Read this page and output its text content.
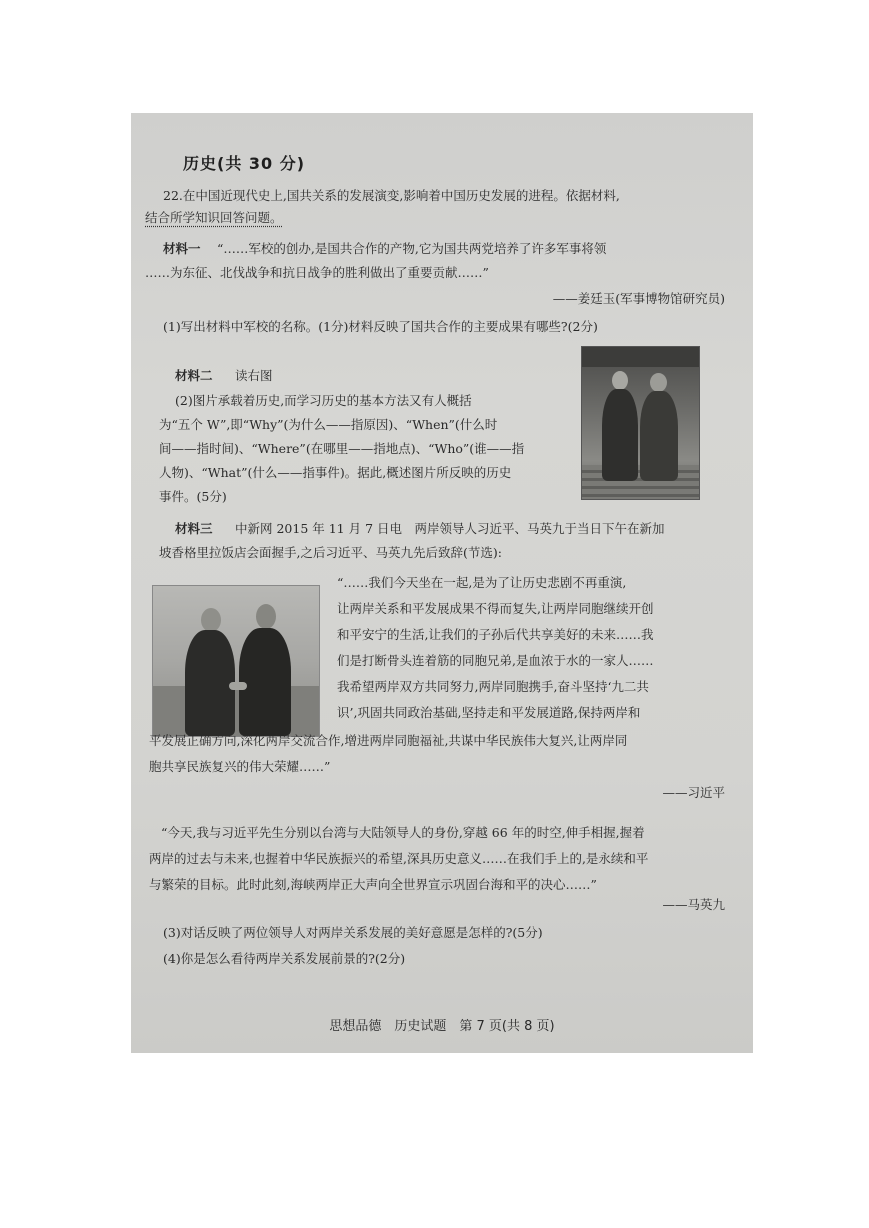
历史(共 30 分)
22.在中国近现代史上,国共关系的发展演变,影响着中国历史发展的进程。依据材料,
结合所学知识回答问题。
材料一 “……军校的创办,是国共合作的产物,它为国共两党培养了许多军事将领
……为东征、北伐战争和抗日战争的胜利做出了重要贡献……”
——姜廷玉(军事博物馆研究员)
(1)写出材料中军校的名称。(1分)材料反映了国共合作的主要成果有哪些?(2分)
材料二 读右图
(2)图片承载着历史,而学习历史的基本方法又有人概括
为“五个 W”,即“Why”(为什么——指原因)、“When”(什么时
间——指时间)、“Where”(在哪里——指地点)、“Who”(谁——指
人物)、“What”(什么——指事件)。据此,概述图片所反映的历史
事件。(5分)
材料三 中新网 2015 年 11 月 7 日电　两岸领导人习近平、马英九于当日下午在新加
坡香格里拉饭店会面握手,之后习近平、马英九先后致辞(节选):
“……我们今天坐在一起,是为了让历史悲剧不再重演,
让两岸关系和平发展成果不得而复失,让两岸同胞继续开创
和平安宁的生活,让我们的子孙后代共享美好的未来……我
们是打断骨头连着筋的同胞兄弟,是血浓于水的一家人……
我希望两岸双方共同努力,两岸同胞携手,奋斗坚持‘九二共
识’,巩固共同政治基础,坚持走和平发展道路,保持两岸和
平发展正确方向,深化两岸交流合作,增进两岸同胞福祉,共谋中华民族伟大复兴,让两岸同
胞共享民族复兴的伟大荣耀……”
——习近平
“今天,我与习近平先生分别以台湾与大陆领导人的身份,穿越 66 年的时空,伸手相握,握着
两岸的过去与未来,也握着中华民族振兴的希望,深具历史意义……在我们手上的,是永续和平
与繁荣的目标。此时此刻,海峡两岸正大声向全世界宣示巩固台海和平的决心……”
——马英九
(3)对话反映了两位领导人对两岸关系发展的美好意愿是怎样的?(5分)
(4)你是怎么看待两岸关系发展前景的?(2分)
思想品德　历史试题　第 7 页(共 8 页)
